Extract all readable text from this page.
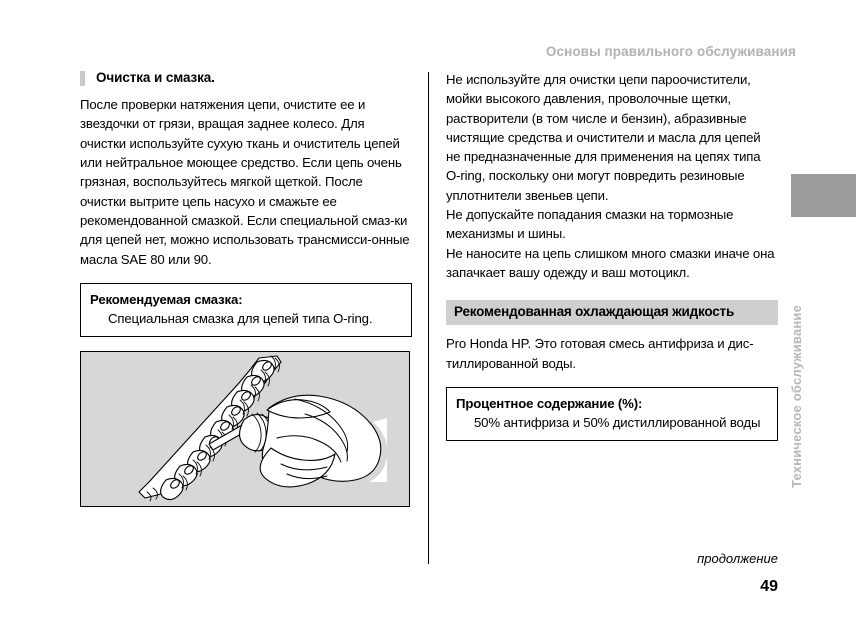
Основы правильного обслуживания
Очистка и смазка.

После проверки натяжения цепи, очистите ее и звездочки от грязи, вращая заднее колесо. Для очистки используйте сухую ткань и очиститель цепей или нейтральное моющее средство. Если цепь очень грязная, воспользуйтесь мягкой щеткой. После очистки вытрите цепь насухо и смажьте ее рекомендованной смазкой. Если специальной смаз-ки для цепей нет, можно использовать трансмисси-онные масла SAE 80 или 90.

Рекомендуемая смазка:

Специальная смазка для цепей типа O-ring.

Не используйте для очистки цепи пароочистители, мойки высокого давления, проволочные щетки, растворители (в том числе и бензин), абразивные чистящие средства и очистители и масла для цепей не предназначенные для применения на цепях типа O-ring, поскольку они могут повредить резиновые уплотнители звеньев цепи.

Не допускайте попадания смазки на тормозные механизмы и шины.

Не наносите на цепь слишком много смазки иначе она запачкает вашу одежду и ваш мотоцикл.

Рекомендованная охлаждающая жидкость

Pro Honda HP. Это готовая смесь антифриза и дис-тиллированной воды.

Процентное содержание (%):

50% антифриза и 50% дистиллированной воды	Техническое обслуживание
продолжение
49
